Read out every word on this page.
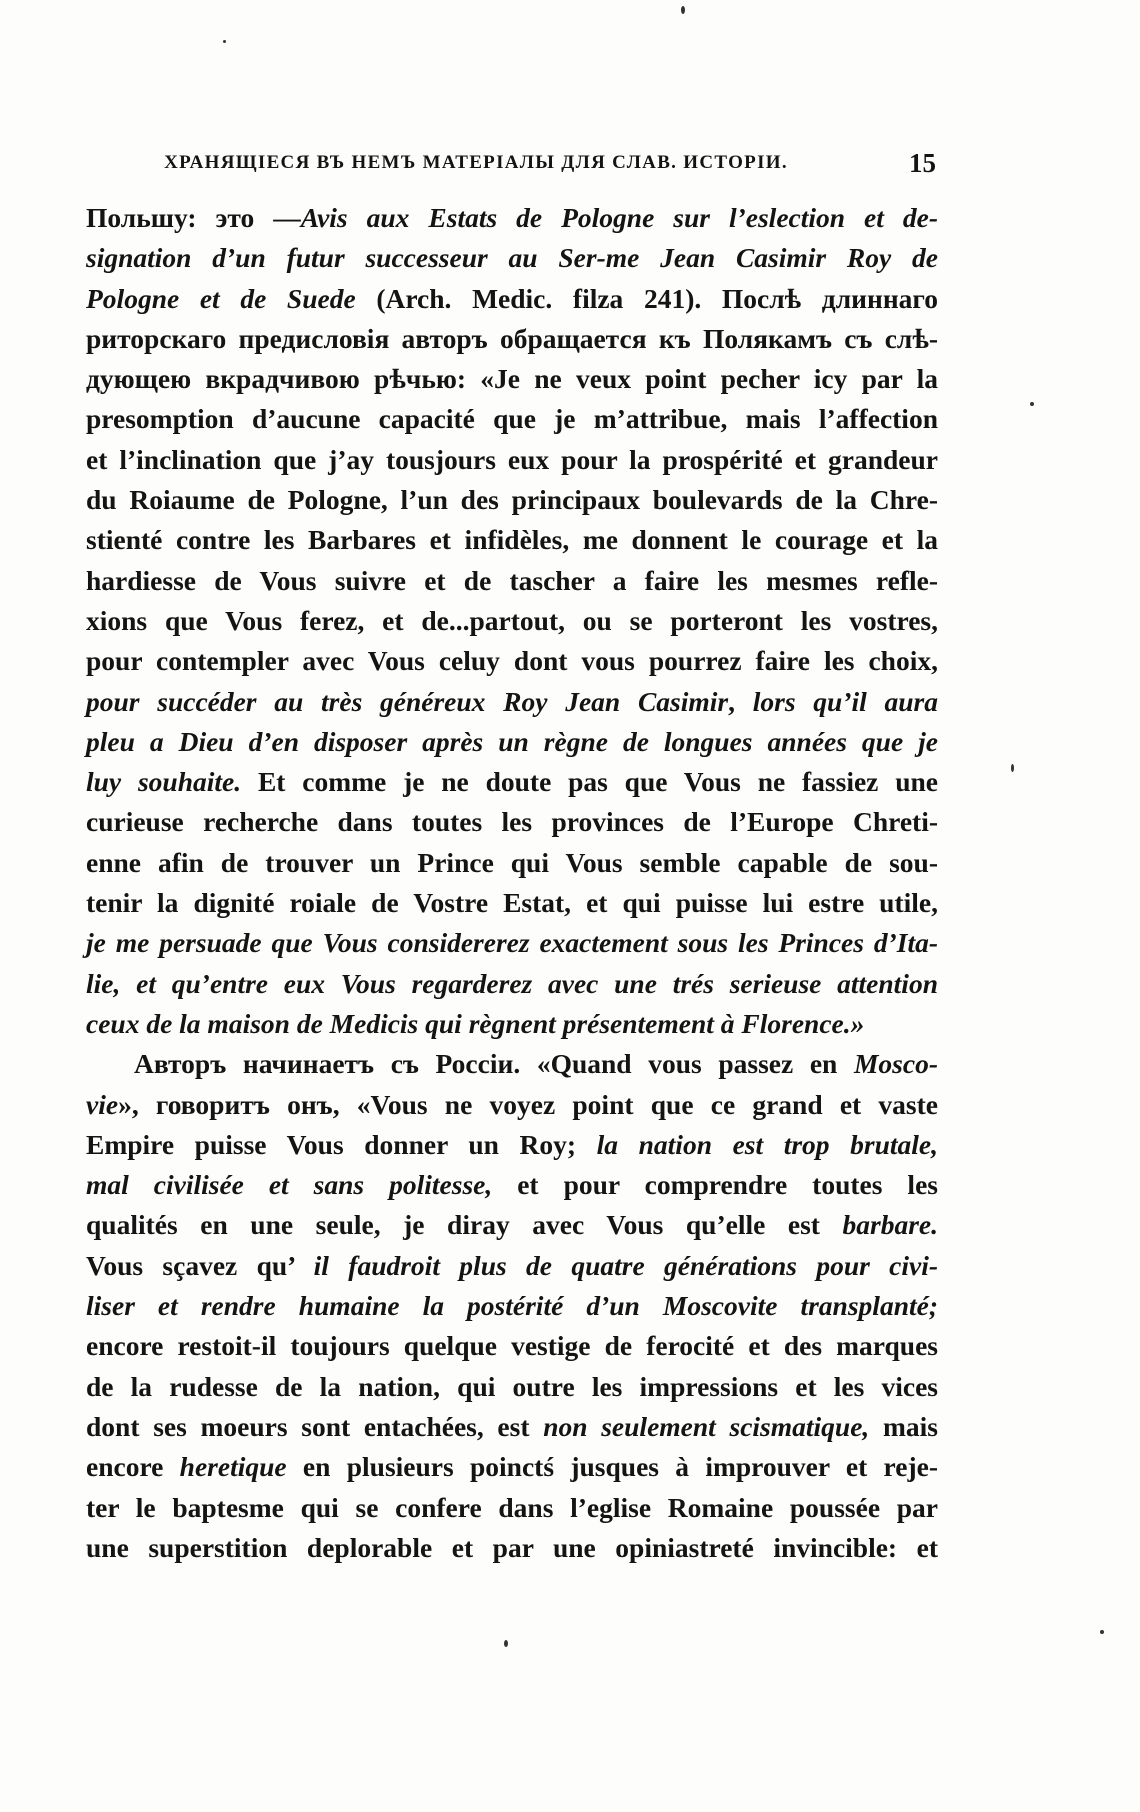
ХРАНЯЩІЕСЯ ВЪ НЕМЪ МАТЕРІАЛЫ ДЛЯ СЛАВ. ИСТОРІИ.	15
Польшу: это —Avis aux Estats de Pologne sur l’eslection et de-
signation d’un futur successeur au Ser-me Jean Casimir Roy de
Pologne et de Suede (Arch. Medic. filza 241). Послѣ длиннаго
риторскаго предисловія авторъ обращается къ Полякамъ съ слѣ-
дующею вкрадчивою рѣчью: «Je ne veux point pecher icy par la
presomption d’aucune capacité que je m’attribue, mais l’affection
et l’inclination que j’ay tousjours eux pour la prospérité et grandeur
du Roiaume de Pologne, l’un des principaux boulevards de la Chre-
stienté contre les Barbares et infidèles, me donnent le courage et la
hardiesse de Vous suivre et de tascher a faire les mesmes refle-
xions que Vous ferez, et de...partout, ou se porteront les vostres,
pour contempler avec Vous celuy dont vous pourrez faire les choix,
pour succéder au très généreux Roy Jean Casimir, lors qu’il aura
pleu a Dieu d’en disposer après un règne de longues années que je
luy souhaite. Et comme je ne doute pas que Vous ne fassiez une
curieuse recherche dans toutes les provinces de l’Europe Chreti-
enne afin de trouver un Prince qui Vous semble capable de sou-
tenir la dignité roiale de Vostre Estat, et qui puisse lui estre utile,
je me persuade que Vous considererez exactement sous les Princes d’Ita-
lie, et qu’entre eux Vous regarderez avec une trés serieuse attention
ceux de la maison de Medicis qui règnent présentement à Florence.»
Авторъ начинаетъ съ Россіи. «Quand vous passez en Mosco-
vie», говоритъ онъ, «Vous ne voyez point que ce grand et vaste
Empire puisse Vous donner un Roy; la nation est trop brutale,
mal civilisée et sans politesse, et pour comprendre toutes les
qualités en une seule, je diray avec Vous qu’elle est barbare.
Vous sçavez qu’ il faudroit plus de quatre générations pour civi-
liser et rendre humaine la postérité d’un Moscovite transplanté;
encore restoit-il toujours quelque vestige de ferocité et des marques
de la rudesse de la nation, qui outre les impressions et les vices
dont ses moeurs sont entachées, est non seulement scismatique, mais
encore heretique en plusieurs poinctś jusques à improuver et reje-
ter le baptesme qui se confere dans l’eglise Romaine poussée par
une superstition deplorable et par une opiniastreté invincible: et
